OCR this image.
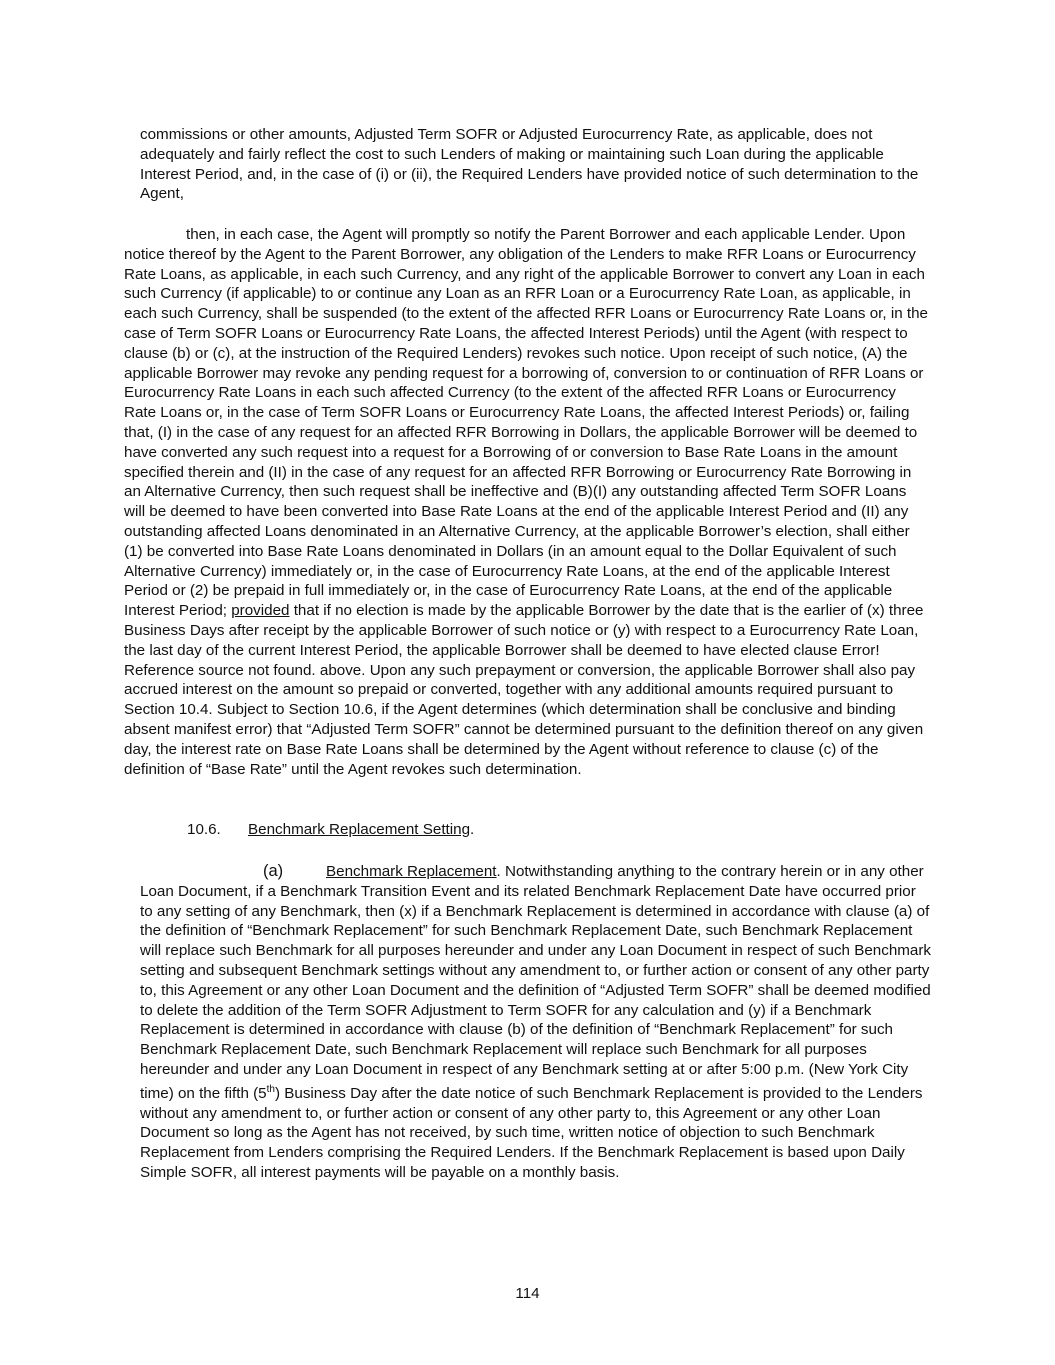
commissions or other amounts, Adjusted Term SOFR or Adjusted Eurocurrency Rate, as applicable, does not adequately and fairly reflect the cost to such Lenders of making or maintaining such Loan during the applicable Interest Period, and, in the case of (i) or (ii), the Required Lenders have provided notice of such determination to the Agent,

then, in each case, the Agent will promptly so notify the Parent Borrower and each applicable Lender. Upon notice thereof by the Agent to the Parent Borrower, any obligation of the Lenders to make RFR Loans or Eurocurrency Rate Loans, as applicable, in each such Currency, and any right of the applicable Borrower to convert any Loan in each such Currency (if applicable) to or continue any Loan as an RFR Loan or a Eurocurrency Rate Loan, as applicable, in each such Currency, shall be suspended (to the extent of the affected RFR Loans or Eurocurrency Rate Loans or, in the case of Term SOFR Loans or Eurocurrency Rate Loans, the affected Interest Periods) until the Agent (with respect to clause (b) or (c), at the instruction of the Required Lenders) revokes such notice. Upon receipt of such notice, (A) the applicable Borrower may revoke any pending request for a borrowing of, conversion to or continuation of RFR Loans or Eurocurrency Rate Loans in each such affected Currency (to the extent of the affected RFR Loans or Eurocurrency Rate Loans or, in the case of Term SOFR Loans or Eurocurrency Rate Loans, the affected Interest Periods) or, failing that, (I) in the case of any request for an affected RFR Borrowing in Dollars, the applicable Borrower will be deemed to have converted any such request into a request for a Borrowing of or conversion to Base Rate Loans in the amount specified therein and (II) in the case of any request for an affected RFR Borrowing or Eurocurrency Rate Borrowing in an Alternative Currency, then such request shall be ineffective and (B)(I) any outstanding affected Term SOFR Loans will be deemed to have been converted into Base Rate Loans at the end of the applicable Interest Period and (II) any outstanding affected Loans denominated in an Alternative Currency, at the applicable Borrower’s election, shall either (1) be converted into Base Rate Loans denominated in Dollars (in an amount equal to the Dollar Equivalent of such Alternative Currency) immediately or, in the case of Eurocurrency Rate Loans, at the end of the applicable Interest Period or (2) be prepaid in full immediately or, in the case of Eurocurrency Rate Loans, at the end of the applicable Interest Period; provided that if no election is made by the applicable Borrower by the date that is the earlier of (x) three Business Days after receipt by the applicable Borrower of such notice or (y) with respect to a Eurocurrency Rate Loan, the last day of the current Interest Period, the applicable Borrower shall be deemed to have elected clause Error! Reference source not found. above. Upon any such prepayment or conversion, the applicable Borrower shall also pay accrued interest on the amount so prepaid or converted, together with any additional amounts required pursuant to Section 10.4. Subject to Section 10.6, if the Agent determines (which determination shall be conclusive and binding absent manifest error) that “Adjusted Term SOFR” cannot be determined pursuant to the definition thereof on any given day, the interest rate on Base Rate Loans shall be determined by the Agent without reference to clause (c) of the definition of “Base Rate” until the Agent revokes such determination.

10.6. Benchmark Replacement Setting.

(a)	Benchmark Replacement. Notwithstanding anything to the contrary herein or in any other Loan Document, if a Benchmark Transition Event and its related Benchmark Replacement Date have occurred prior to any setting of any Benchmark, then (x) if a Benchmark Replacement is determined in accordance with clause (a) of the definition of “Benchmark Replacement” for such Benchmark Replacement Date, such Benchmark Replacement will replace such Benchmark for all purposes hereunder and under any Loan Document in respect of such Benchmark setting and subsequent Benchmark settings without any amendment to, or further action or consent of any other party to, this Agreement or any other Loan Document and the definition of “Adjusted Term SOFR” shall be deemed modified to delete the addition of the Term SOFR Adjustment to Term SOFR for any calculation and (y) if a Benchmark Replacement is determined in accordance with clause (b) of the definition of “Benchmark Replacement” for such Benchmark Replacement Date, such Benchmark Replacement will replace such Benchmark for all purposes hereunder and under any Loan Document in respect of any Benchmark setting at or after 5:00 p.m. (New York City time) on the fifth (5th) Business Day after the date notice of such Benchmark Replacement is provided to the Lenders without any amendment to, or further action or consent of any other party to, this Agreement or any other Loan Document so long as the Agent has not received, by such time, written notice of objection to such Benchmark Replacement from Lenders comprising the Required Lenders. If the Benchmark Replacement is based upon Daily Simple SOFR, all interest payments will be payable on a monthly basis.

114
